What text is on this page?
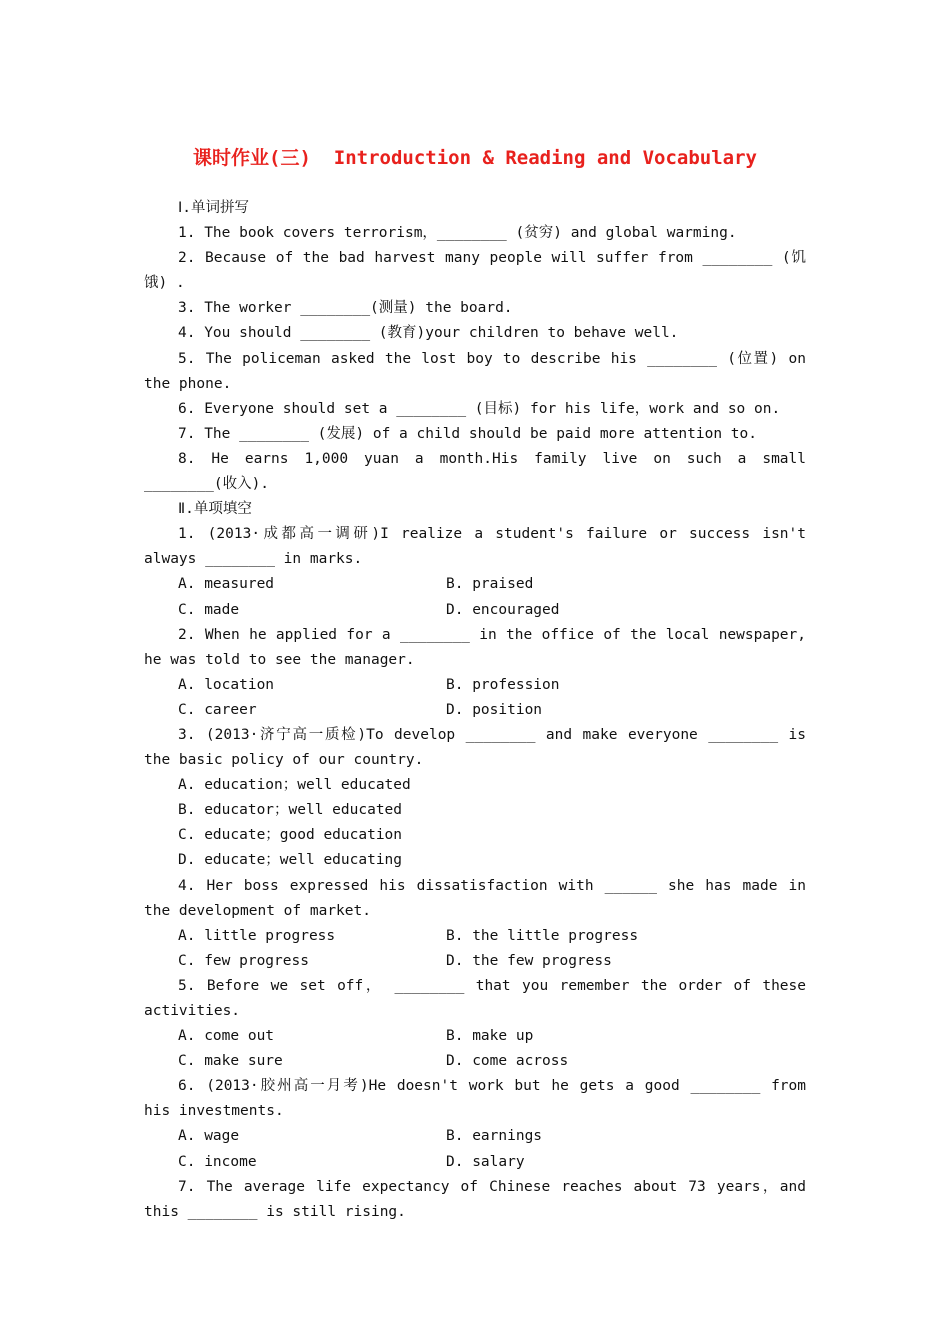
课时作业(三)  Introduction & Reading and Vocabulary

Ⅰ.单词拼写

1. The book covers terrorism，________ (贫穷) and global warming.

2. Because of the bad harvest many people will suffer from ________ (饥饿) .

3. The worker ________(测量) the board.

4. You should ________ (教育)your children to behave well.

5. The policeman asked the lost boy to describe his ________ (位置) on the phone.

6. Everyone should set a ________ (目标) for his life，work and so on.

7. The ________ (发展) of a child should be paid more attention to.

8. He earns 1,000 yuan a month.His family live on such a small ________(收入).

Ⅱ.单项填空

1. (2013·成都高一调研)I realize a student's failure or success isn't always ________ in marks.

A. measured	B. praised
C. made	D. encouraged

2. When he applied for a ________ in the office of the local newspaper, he was told to see the manager.

A. location	B. profession
C. career	D. position

3. (2013·济宁高一质检)To develop ________ and make everyone ________ is the basic policy of our country.

A. education；well educated
B. educator；well educated
C. educate；good education
D. educate；well educating

4. Her boss expressed his dissatisfaction with ______ she has made in the development of market.

A. little progress	B. the little progress
C. few progress	D. the few progress

5. Before we set off， ________ that you remember the order of these activities.

A. come out	B. make up
C. make sure	D. come across

6. (2013·胶州高一月考)He doesn't work but he gets a good ________ from his investments.

A. wage	B. earnings
C. income	D. salary

7. The average life expectancy of Chinese reaches about 73 years，and this ________ is still rising.
